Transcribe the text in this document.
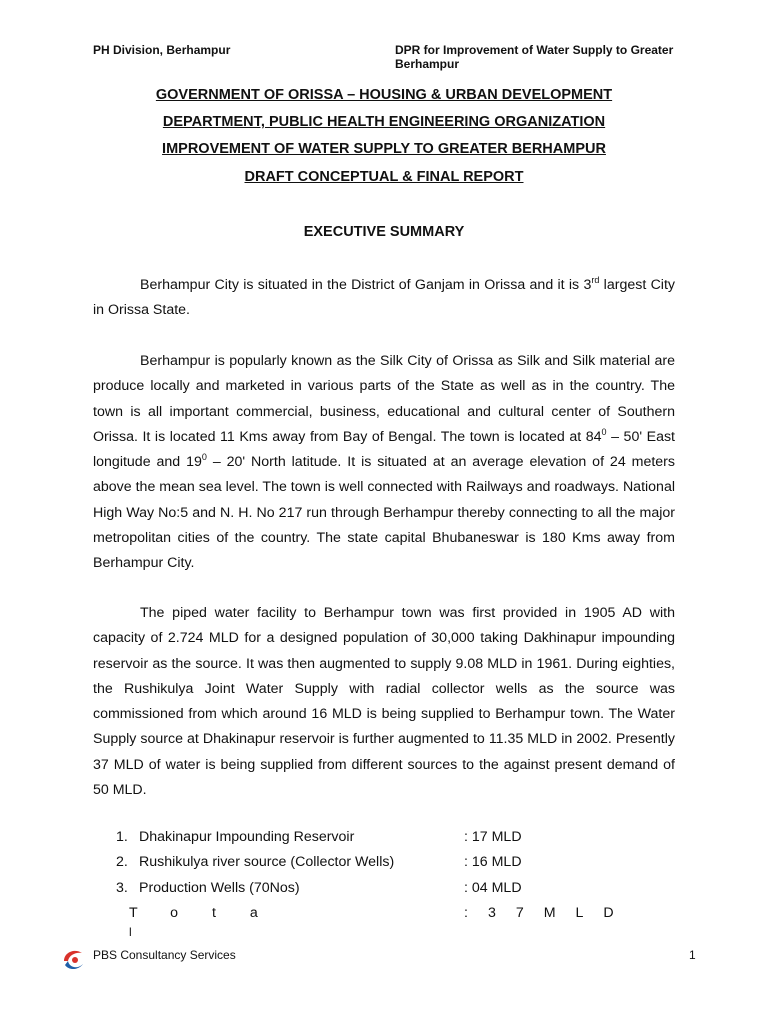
PH Division, Berhampur	DPR for Improvement of Water Supply to Greater
Berhampur
GOVERNMENT OF ORISSA – HOUSING & URBAN DEVELOPMENT
DEPARTMENT, PUBLIC HEALTH ENGINEERING ORGANIZATION
IMPROVEMENT OF WATER SUPPLY TO GREATER BERHAMPUR
DRAFT CONCEPTUAL & FINAL REPORT
EXECUTIVE SUMMARY

Berhampur City is situated in the District of Ganjam in Orissa and it is 3rd largest City in Orissa State.

Berhampur is popularly known as the Silk City of Orissa as Silk and Silk material are produce locally and marketed in various parts of the State as well as in the country. The town is all important commercial, business, educational and cultural center of Southern Orissa. It is located 11 Kms away from Bay of Bengal. The town is located at $84^0 - 50'$ East longitude and $19^0 - 20'$ North latitude. It is situated at an average elevation of 24 meters above the mean sea level. The town is well connected with Railways and roadways. National High Way No:5 and N. H. No 217 run through Berhampur thereby connecting to all the major metropolitan cities of the country. The state capital Bhubaneswar is 180 Kms away from Berhampur City.

The piped water facility to Berhampur town was first provided in 1905 AD with capacity of 2.724 MLD for a designed population of 30,000 taking Dakhinapur impounding reservoir as the source. It was then augmented to supply 9.08 MLD in 1961. During eighties, the Rushikulya Joint Water Supply with radial collector wells as the source was commissioned from which around 16 MLD is being supplied to Berhampur town. The Water Supply source at Dhakinapur reservoir is further augmented to 11.35 MLD in 2002. Presently 37 MLD of water is being supplied from different sources to the against present demand of 50 MLD.

1. Dhakinapur Impounding Reservoir	: 17 MLD
2. Rushikulya river source (Collector Wells)	: 16 MLD
3. Production Wells (70Nos)	: 04 MLD
Tota	:37MLD
l
PBS Consultancy Services	1
